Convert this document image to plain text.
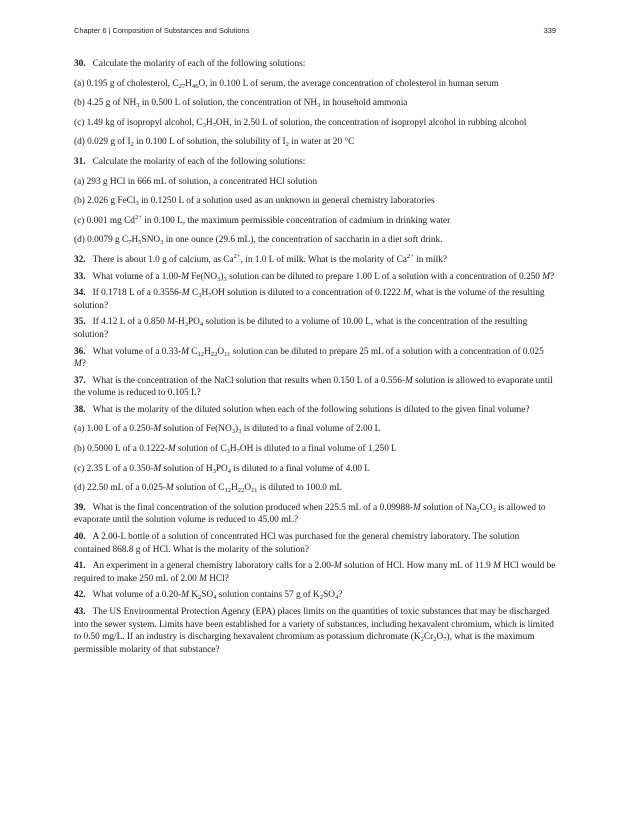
Chapter 6 | Composition of Substances and Solutions	339

30. Calculate the molarity of each of the following solutions:

(a) 0.195 g of cholesterol, $C_{27}H_{46}O$, in 0.100 L of serum, the average concentration of cholesterol in human serum

(b) 4.25 g of $NH_3$ in 0.500 L of solution, the concentration of $NH_3$ in household ammonia

(c) 1.49 kg of isopropyl alcohol, $C_3H_7OH$, in 2.50 L of solution, the concentration of isopropyl alcohol in rubbing alcohol

(d) 0.029 g of $I_2$ in 0.100 L of solution, the solubility of $I_2$ in water at 20 °C

31. Calculate the molarity of each of the following solutions:

(a) 293 g HCl in 666 mL of solution, a concentrated HCl solution

(b) 2.026 g FeCl$_3$ in 0.1250 L of a solution used as an unknown in general chemistry laboratories

(c) 0.001 mg $Cd^{2+}$ in 0.100 L, the maximum permissible concentration of cadmium in drinking water

(d) 0.0079 g $C_7H_5SNO_3$ in one ounce (29.6 mL), the concentration of saccharin in a diet soft drink.

32. There is about 1.0 g of calcium, as $Ca^{2+}$, in 1.0 L of milk. What is the molarity of $Ca^{2+}$ in milk?

33. What volume of a 1.00-M $Fe(NO_3)_3$ solution can be diluted to prepare 1.00 L of a solution with a concentration of 0.250 M?

34. If 0.1718 L of a 0.3556-M $C_3H_7OH$ solution is diluted to a concentration of 0.1222 M, what is the volume of the resulting solution?

35. If 4.12 L of a 0.850 $M-H_3PO_4$ solution is be diluted to a volume of 10.00 L, what is the concentration of the resulting solution?

36. What volume of a 0.33-M $C_{12}H_{22}O_{11}$ solution can be diluted to prepare 25 mL of a solution with a concentration of 0.025 M?

37. What is the concentration of the NaCl solution that results when 0.150 L of a 0.556-M solution is allowed to evaporate until the volume is reduced to 0.105 L?

38. What is the molarity of the diluted solution when each of the following solutions is diluted to the given final volume?

(a) 1.00 L of a 0.250-M solution of $Fe(NO_3)_3$ is diluted to a final volume of 2.00 L

(b) 0.5000 L of a 0.1222-M solution of $C_3H_7OH$ is diluted to a final volume of 1.250 L

(c) 2.35 L of a 0.350-M solution of $H_3PO_4$ is diluted to a final volume of 4.00 L

(d) 22.50 mL of a 0.025-M solution of $C_{12}H_{22}O_{11}$ is diluted to 100.0 mL

39. What is the final concentration of the solution produced when 225.5 mL of a 0.09988-M solution of $Na_2CO_3$ is allowed to evaporate until the solution volume is reduced to 45.00 mL?

40. A 2.00-L bottle of a solution of concentrated HCl was purchased for the general chemistry laboratory. The solution contained 868.8 g of HCl. What is the molarity of the solution?

41. An experiment in a general chemistry laboratory calls for a 2.00-M solution of HCl. How many mL of 11.9 M HCl would be required to make 250 mL of 2.00 M HCl?

42. What volume of a 0.20-M $K_2SO_4$ solution contains 57 g of $K_2SO_4$?

43. The US Environmental Protection Agency (EPA) places limits on the quantities of toxic substances that may be discharged into the sewer system. Limits have been established for a variety of substances, including hexavalent chromium, which is limited to 0.50 mg/L. If an industry is discharging hexavalent chromium as potassium dichromate $(K_2Cr_2O_7)$, what is the maximum permissible molarity of that substance?
